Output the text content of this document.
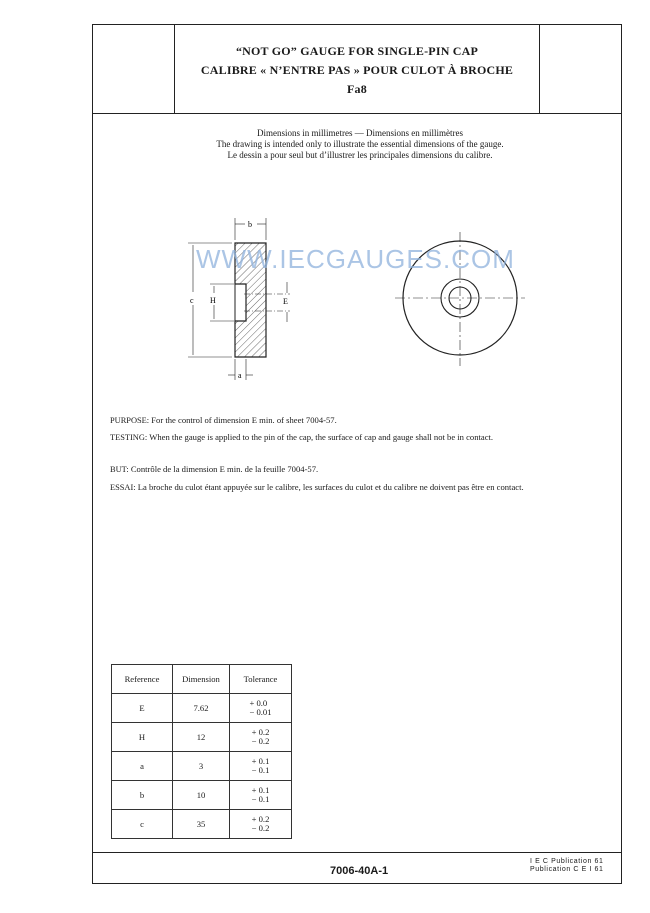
“NOT GO” GAUGE FOR SINGLE-PIN CAP
CALIBRE « N’ENTRE PAS » POUR CULOT À BROCHE
Fa8
Dimensions in millimetres — Dimensions en millimètres
The drawing is intended only to illustrate the essential dimensions of the gauge.
Le dessin a pour seul but d’illustrer les principales dimensions du calibre.
b
c H	E
a
WWW.IECGAUGES.COM
PURPOSE: For the control of dimension E min. of sheet 7004-57.
TESTING: When the gauge is applied to the pin of the cap, the surface of cap and gauge shall not be in contact.
BUT: Contrôle de la dimension E min. de la feuille 7004-57.
ESSAI: La broche du culot étant appuyée sur le calibre, les surfaces du culot et du calibre ne doivent pas être en contact.
Reference	Dimension	Tolerance
E	7.62	+ 0.0
− 0.01
H	12	+ 0.2
− 0.2
a	3	+ 0.1
− 0.1
b	10	+ 0.1
− 0.1
c	35	+ 0.2
− 0.2
7006-40A-1
I E C Publication 61
Publication C E I 61
